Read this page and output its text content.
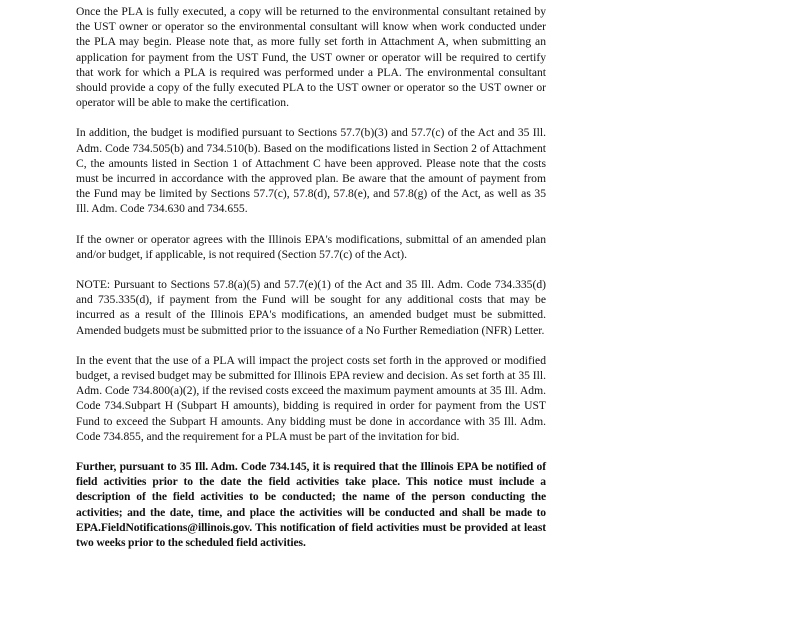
Once the PLA is fully executed, a copy will be returned to the environmental consultant retained by the UST owner or operator so the environmental consultant will know when work conducted under the PLA may begin. Please note that, as more fully set forth in Attachment A, when submitting an application for payment from the UST Fund, the UST owner or operator will be required to certify that work for which a PLA is required was performed under a PLA. The environmental consultant should provide a copy of the fully executed PLA to the UST owner or operator so the UST owner or operator will be able to make the certification.

In addition, the budget is modified pursuant to Sections 57.7(b)(3) and 57.7(c) of the Act and 35 Ill. Adm. Code 734.505(b) and 734.510(b). Based on the modifications listed in Section 2 of Attachment C, the amounts listed in Section 1 of Attachment C have been approved. Please note that the costs must be incurred in accordance with the approved plan. Be aware that the amount of payment from the Fund may be limited by Sections 57.7(c), 57.8(d), 57.8(e), and 57.8(g) of the Act, as well as 35 Ill. Adm. Code 734.630 and 734.655.

If the owner or operator agrees with the Illinois EPA's modifications, submittal of an amended plan and/or budget, if applicable, is not required (Section 57.7(c) of the Act).

NOTE: Pursuant to Sections 57.8(a)(5) and 57.7(e)(1) of the Act and 35 Ill. Adm. Code 734.335(d) and 735.335(d), if payment from the Fund will be sought for any additional costs that may be incurred as a result of the Illinois EPA's modifications, an amended budget must be submitted. Amended budgets must be submitted prior to the issuance of a No Further Remediation (NFR) Letter.

In the event that the use of a PLA will impact the project costs set forth in the approved or modified budget, a revised budget may be submitted for Illinois EPA review and decision. As set forth at 35 Ill. Adm. Code 734.800(a)(2), if the revised costs exceed the maximum payment amounts at 35 Ill. Adm. Code 734.Subpart H (Subpart H amounts), bidding is required in order for payment from the UST Fund to exceed the Subpart H amounts. Any bidding must be done in accordance with 35 Ill. Adm. Code 734.855, and the requirement for a PLA must be part of the invitation for bid.

Further, pursuant to 35 Ill. Adm. Code 734.145, it is required that the Illinois EPA be notified of field activities prior to the date the field activities take place. This notice must include a description of the field activities to be conducted; the name of the person conducting the activities; and the date, time, and place the activities will be conducted and shall be made to EPA.FieldNotifications@illinois.gov. This notification of field activities must be provided at least two weeks prior to the scheduled field activities.
